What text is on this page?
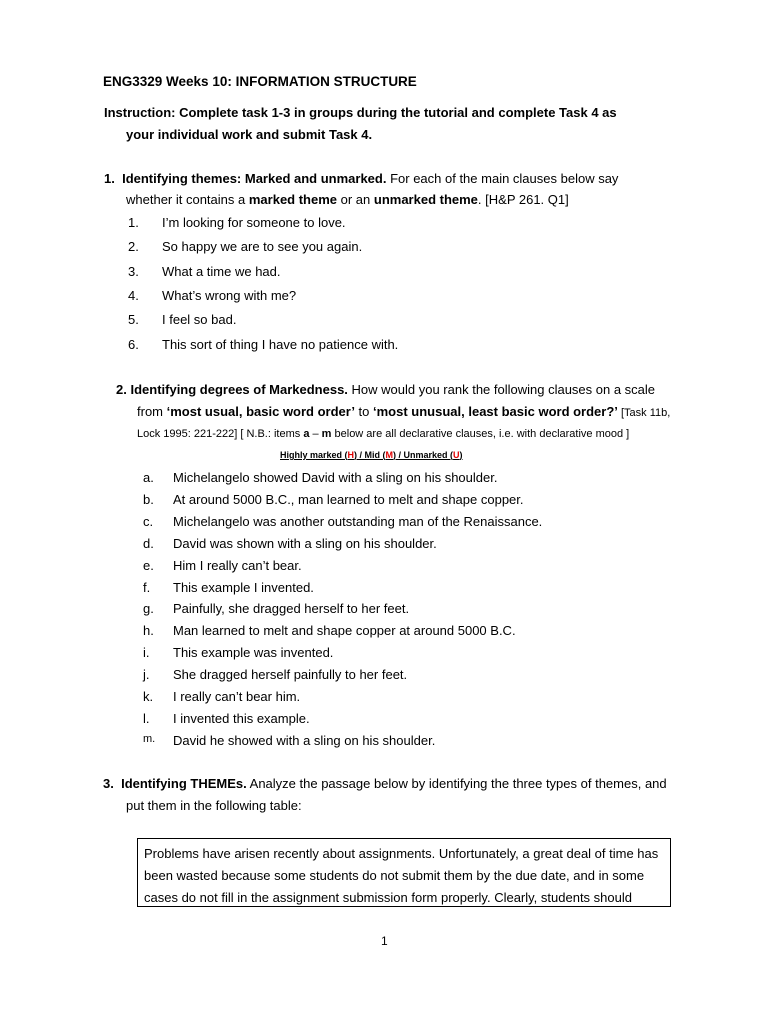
ENG3329 Weeks 10: INFORMATION STRUCTURE
Instruction: Complete task 1-3 in groups during the tutorial and complete Task 4 as
your individual work and submit Task 4.
1. Identifying themes: Marked and unmarked. For each of the main clauses below say
whether it contains a marked theme or an unmarked theme. [H&P 261. Q1]
1. I’m looking for someone to love.
2. So happy we are to see you again.
3. What a time we had.
4. What’s wrong with me?
5. I feel so bad.
6. This sort of thing I have no patience with.
2. Identifying degrees of Markedness. How would you rank the following clauses on a scale
from ‘most usual, basic word order’ to ‘most unusual, least basic word order?’ [Task 11b,
Lock 1995: 221-222] [ N.B.: items a – m below are all declarative clauses, i.e. with declarative mood ]
Highly marked (H) / Mid (M) / Unmarked (U)
a. Michelangelo showed David with a sling on his shoulder.
b. At around 5000 B.C., man learned to melt and shape copper.
c. Michelangelo was another outstanding man of the Renaissance.
d. David was shown with a sling on his shoulder.
e. Him I really can’t bear.
f. This example I invented.
g. Painfully, she dragged herself to her feet.
h. Man learned to melt and shape copper at around 5000 B.C.
i. This example was invented.
j. She dragged herself painfully to her feet.
k. I really can’t bear him.
l. I invented this example.
m. David he showed with a sling on his shoulder.
3. Identifying THEMEs. Analyze the passage below by identifying the three types of themes, and
put them in the following table:
Problems have arisen recently about assignments. Unfortunately, a great deal of time has been wasted because some students do not submit them by the due date, and in some cases do not fill in the assignment submission form properly. Clearly, students should
1
